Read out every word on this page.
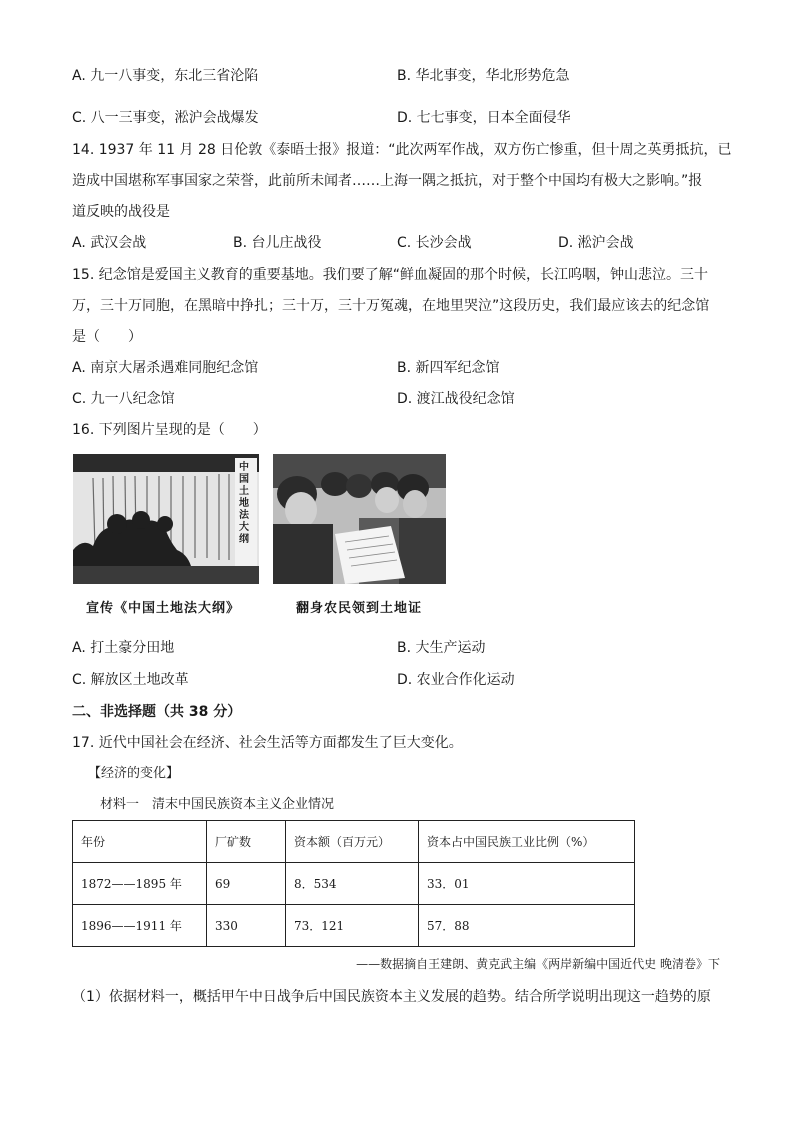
A. 九一八事变，东北三省沦陷	B. 华北事变，华北形势危急
C. 八一三事变，淞沪会战爆发	D. 七七事变，日本全面侵华
14. 1937 年 11 月 28 日伦敦《泰晤士报》报道：“此次两军作战，双方伤亡惨重，但十周之英勇抵抗，已
造成中国堪称军事国家之荣誉，此前所未闻者……上海一隅之抵抗，对于整个中国均有极大之影响。”报
道反映的战役是
A. 武汉会战	B. 台儿庄战役	C. 长沙会战	D. 淞沪会战
15. 纪念馆是爱国主义教育的重要基地。我们要了解“鲜血凝固的那个时候，长江呜咽，钟山悲泣。三十
万，三十万同胞，在黑暗中挣扎；三十万，三十万冤魂，在地里哭泣”这段历史，我们最应该去的纪念馆
是（　　）
A. 南京大屠杀遇难同胞纪念馆	B. 新四军纪念馆
C. 九一八纪念馆	D. 渡江战役纪念馆
16. 下列图片呈现的是（　　）
中国土地法大纲
宣传《中国土地法大纲》	翻身农民领到土地证
A. 打土豪分田地	B. 大生产运动
C. 解放区土地改革	D. 农业合作化运动
二、非选择题（共 38 分）
17. 近代中国社会在经济、社会生活等方面都发生了巨大变化。
【经济的变化】
材料一　清末中国民族资本主义企业情况
年份	厂矿数	资本额（百万元）	资本占中国民族工业比例（%）
1872——1895 年	69	8．534	33．01
1896——1911 年	330	73．121	57．88
——数据摘自王建朗、黄克武主编《两岸新编中国近代史 晚清卷》下
（1）依据材料一，概括甲午中日战争后中国民族资本主义发展的趋势。结合所学说明出现这一趋势的原
